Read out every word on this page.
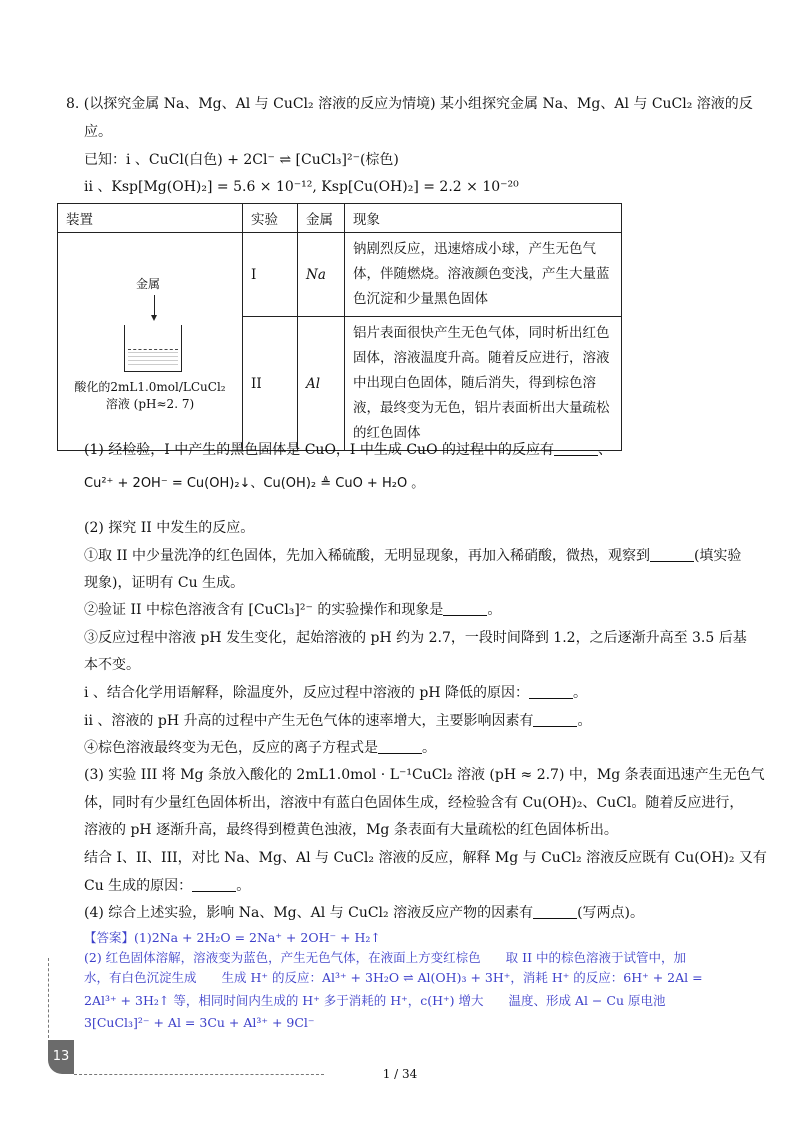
8. (以探究金属 Na、Mg、Al 与 CuCl₂ 溶液的反应为情境) 某小组探究金属 Na、Mg、Al 与 CuCl₂ 溶液的反
应。
已知：i 、CuCl(白色) + 2Cl⁻ ⇌ [CuCl₃]²⁻(棕色)
ii 、Ksp[Mg(OH)₂] = 5.6 × 10⁻¹², Ksp[Cu(OH)₂] = 2.2 × 10⁻²⁰
装置	实验	金属	现象

金属
酸化的2mL1.0mol/LCuCl₂
溶液 (pH≈2. 7)	I	Na	钠剧烈反应，迅速熔成小球，产生无色气体，伴随燃烧。溶液颜色变浅，产生大量蓝色沉淀和少量黑色固体
	II	Al	铝片表面很快产生无色气体，同时析出红色固体，溶液温度升高。随着反应进行，溶液中出现白色固体，随后消失，得到棕色溶液，最终变为无色，铝片表面析出大量疏松的红色固体
(1) 经检验，I 中产生的黑色固体是 CuO，I 中生成 CuO 的过程中的反应有	、
Cu²⁺ + 2OH⁻ = Cu(OH)₂↓、Cu(OH)₂ ≜ CuO + H₂O 。
(2) 探究 II 中发生的反应。
①取 II 中少量洗净的红色固体，先加入稀硫酸，无明显现象，再加入稀硝酸，微热，观察到	(填实验
现象)，证明有 Cu 生成。
②验证 II 中棕色溶液含有 [CuCl₃]²⁻ 的实验操作和现象是	。
③反应过程中溶液 pH 发生变化，起始溶液的 pH 约为 2.7，一段时间降到 1.2，之后逐渐升高至 3.5 后基
本不变。
i 、结合化学用语解释，除温度外，反应过程中溶液的 pH 降低的原因：	。
ii 、溶液的 pH 升高的过程中产生无色气体的速率增大，主要影响因素有	。
④棕色溶液最终变为无色，反应的离子方程式是	。
(3) 实验 III 将 Mg 条放入酸化的 2mL1.0mol · L⁻¹CuCl₂ 溶液 (pH ≈ 2.7) 中，Mg 条表面迅速产生无色气
体，同时有少量红色固体析出，溶液中有蓝白色固体生成，经检验含有 Cu(OH)₂、CuCl。随着反应进行，
溶液的 pH 逐渐升高，最终得到橙黄色浊液，Mg 条表面有大量疏松的红色固体析出。
结合 I、II、III，对比 Na、Mg、Al 与 CuCl₂ 溶液的反应，解释 Mg 与 CuCl₂ 溶液反应既有 Cu(OH)₂ 又有
Cu 生成的原因：	。
(4) 综合上述实验，影响 Na、Mg、Al 与 CuCl₂ 溶液反应产物的因素有	(写两点)。
【答案】(1)2Na + 2H₂O = 2Na⁺ + 2OH⁻ + H₂↑
(2) 红色固体溶解，溶液变为蓝色，产生无色气体，在液面上方变红棕色　　取 II 中的棕色溶液于试管中，加
水，有白色沉淀生成　　生成 H⁺ 的反应：Al³⁺ + 3H₂O ⇌ Al(OH)₃ + 3H⁺，消耗 H⁺ 的反应：6H⁺ + 2Al =
2Al³⁺ + 3H₂↑ 等，相同时间内生成的 H⁺ 多于消耗的 H⁺，c(H⁺) 增大　　温度、形成 Al − Cu 原电池
3[CuCl₃]²⁻ + Al = 3Cu + Al³⁺ + 9Cl⁻
13
1 / 34
